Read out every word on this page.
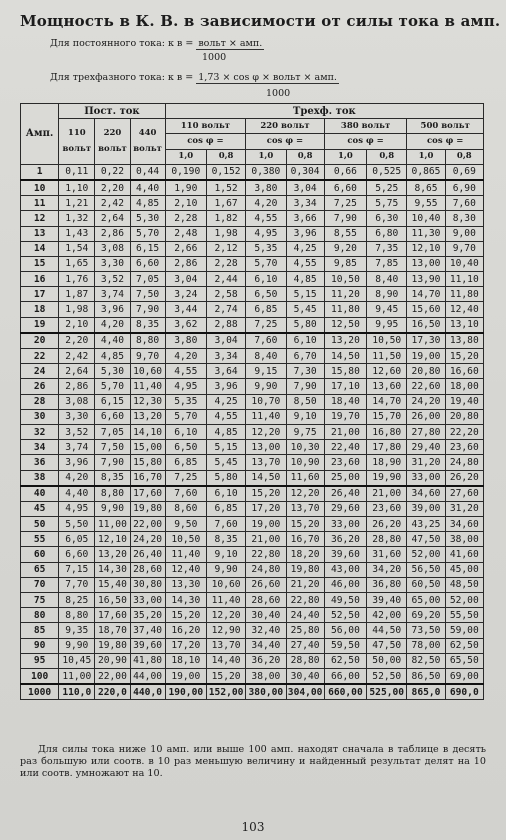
Мощность в К. В. в зависимости от силы тока в амп.
Для постоянного тока: к в = вольт × амп.
1000
Для трехфазного тока: к в = 1,73 × cos φ × вольт × амп.
1000
Амп.	Пост. ток			Трехф. ток							
	110 вольт	220 вольт	440 вольт	110 вольт		220 вольт		380 вольт		500 вольт	
				cos φ =		cos φ =		cos φ =		cos φ =	
				1,0	0,8	1,0	0,8	1,0	0,8	1,0	0,8
1	0,11	0,22	0,44	0,190	0,152	0,380	0,304	0,66	0,525	0,865	0,69
10	1,10	2,20	4,40	1,90	1,52	3,80	3,04	6,60	5,25	8,65	6,90
11	1,21	2,42	4,85	2,10	1,67	4,20	3,34	7,25	5,75	9,55	7,60
12	1,32	2,64	5,30	2,28	1,82	4,55	3,66	7,90	6,30	10,40	8,30
13	1,43	2,86	5,70	2,48	1,98	4,95	3,96	8,55	6,80	11,30	9,00
14	1,54	3,08	6,15	2,66	2,12	5,35	4,25	9,20	7,35	12,10	9,70
15	1,65	3,30	6,60	2,86	2,28	5,70	4,55	9,85	7,85	13,00	10,40
16	1,76	3,52	7,05	3,04	2,44	6,10	4,85	10,50	8,40	13,90	11,10
17	1,87	3,74	7,50	3,24	2,58	6,50	5,15	11,20	8,90	14,70	11,80
18	1,98	3,96	7,90	3,44	2,74	6,85	5,45	11,80	9,45	15,60	12,40
19	2,10	4,20	8,35	3,62	2,88	7,25	5,80	12,50	9,95	16,50	13,10
20	2,20	4,40	8,80	3,80	3,04	7,60	6,10	13,20	10,50	17,30	13,80
22	2,42	4,85	9,70	4,20	3,34	8,40	6,70	14,50	11,50	19,00	15,20
24	2,64	5,30	10,60	4,55	3,64	9,15	7,30	15,80	12,60	20,80	16,60
26	2,86	5,70	11,40	4,95	3,96	9,90	7,90	17,10	13,60	22,60	18,00
28	3,08	6,15	12,30	5,35	4,25	10,70	8,50	18,40	14,70	24,20	19,40
30	3,30	6,60	13,20	5,70	4,55	11,40	9,10	19,70	15,70	26,00	20,80
32	3,52	7,05	14,10	6,10	4,85	12,20	9,75	21,00	16,80	27,80	22,20
34	3,74	7,50	15,00	6,50	5,15	13,00	10,30	22,40	17,80	29,40	23,60
36	3,96	7,90	15,80	6,85	5,45	13,70	10,90	23,60	18,90	31,20	24,80
38	4,20	8,35	16,70	7,25	5,80	14,50	11,60	25,00	19,90	33,00	26,20
40	4,40	8,80	17,60	7,60	6,10	15,20	12,20	26,40	21,00	34,60	27,60
45	4,95	9,90	19,80	8,60	6,85	17,20	13,70	29,60	23,60	39,00	31,20
50	5,50	11,00	22,00	9,50	7,60	19,00	15,20	33,00	26,20	43,25	34,60
55	6,05	12,10	24,20	10,50	8,35	21,00	16,70	36,20	28,80	47,50	38,00
60	6,60	13,20	26,40	11,40	9,10	22,80	18,20	39,60	31,60	52,00	41,60
65	7,15	14,30	28,60	12,40	9,90	24,80	19,80	43,00	34,20	56,50	45,00
70	7,70	15,40	30,80	13,30	10,60	26,60	21,20	46,00	36,80	60,50	48,50
75	8,25	16,50	33,00	14,30	11,40	28,60	22,80	49,50	39,40	65,00	52,00
80	8,80	17,60	35,20	15,20	12,20	30,40	24,40	52,50	42,00	69,20	55,50
85	9,35	18,70	37,40	16,20	12,90	32,40	25,80	56,00	44,50	73,50	59,00
90	9,90	19,80	39,60	17,20	13,70	34,40	27,40	59,50	47,50	78,00	62,50
95	10,45	20,90	41,80	18,10	14,40	36,20	28,80	62,50	50,00	82,50	65,50
100	11,00	22,00	44,00	19,00	15,20	38,00	30,40	66,00	52,50	86,50	69,00
1000	110,0	220,0	440,0	190,00	152,00	380,00	304,00	660,00	525,00	865,0	690,0
Для силы тока ниже 10 амп. или выше 100 амп. находят сначала в таблице в десять раз большую или соотв. в 10 раз меньшую величину и найденный результат делят на 10 или соотв. умножают на 10.
103
